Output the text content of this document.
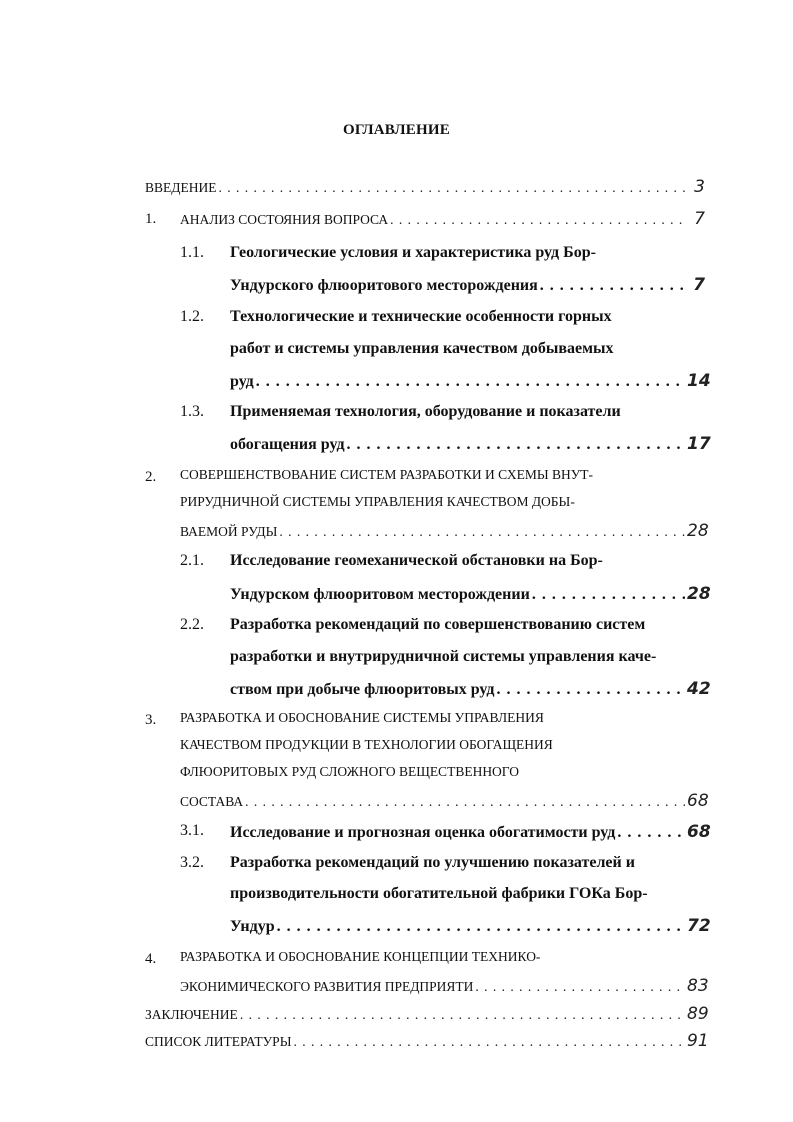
ОГЛАВЛЕНИЕ
ВВЕДЕНИЕ . . .	3
1. АНАЛИЗ СОСТОЯНИЯ ВОПРОСА . . .	7
1.1. Геологические условия и характеристика руд Бор-
Ундурского флюоритового месторождения . . .	7
1.2. Технологические и технические особенности горных
работ и системы управления качеством добываемых
руд . . .	14
1.3. Применяемая технология, оборудование и показатели
обогащения руд . . .	17
2. СОВЕРШЕНСТВОВАНИЕ СИСТЕМ РАЗРАБОТКИ И СХЕМЫ ВНУТ-
РИРУДНИЧНОЙ СИСТЕМЫ УПРАВЛЕНИЯ КАЧЕСТВОМ ДОБЫ-
ВАЕМОЙ РУДЫ . . .	28
2.1. Исследование геомеханической обстановки на Бор-
Ундурском флюоритовом месторождении . . .	28
2.2. Разработка рекомендаций по совершенствованию систем
разработки и внутрирудничной системы управления каче-
ством при добыче флюоритовых руд . . .	42
3. РАЗРАБОТКА И ОБОСНОВАНИЕ СИСТЕМЫ УПРАВЛЕНИЯ
КАЧЕСТВОМ ПРОДУКЦИИ В ТЕХНОЛОГИИ ОБОГАЩЕНИЯ
ФЛЮОРИТОВЫХ РУД СЛОЖНОГО ВЕЩЕСТВЕННОГО
СОСТАВА . . .	68
3.1. Исследование и прогнозная оценка обогатимости руд . . .	68
3.2. Разработка рекомендаций по улучшению показателей и
производительности обогатительной фабрики ГОКа Бор-
Ундур . . .	72
4. РАЗРАБОТКА И ОБОСНОВАНИЕ КОНЦЕПЦИИ ТЕХНИКО-
ЭКОНИМИЧЕСКОГО РАЗВИТИЯ ПРЕДПРИЯТИ . . .	83
ЗАКЛЮЧЕНИЕ . . .	89
СПИСОК ЛИТЕРАТУРЫ . . .	91
